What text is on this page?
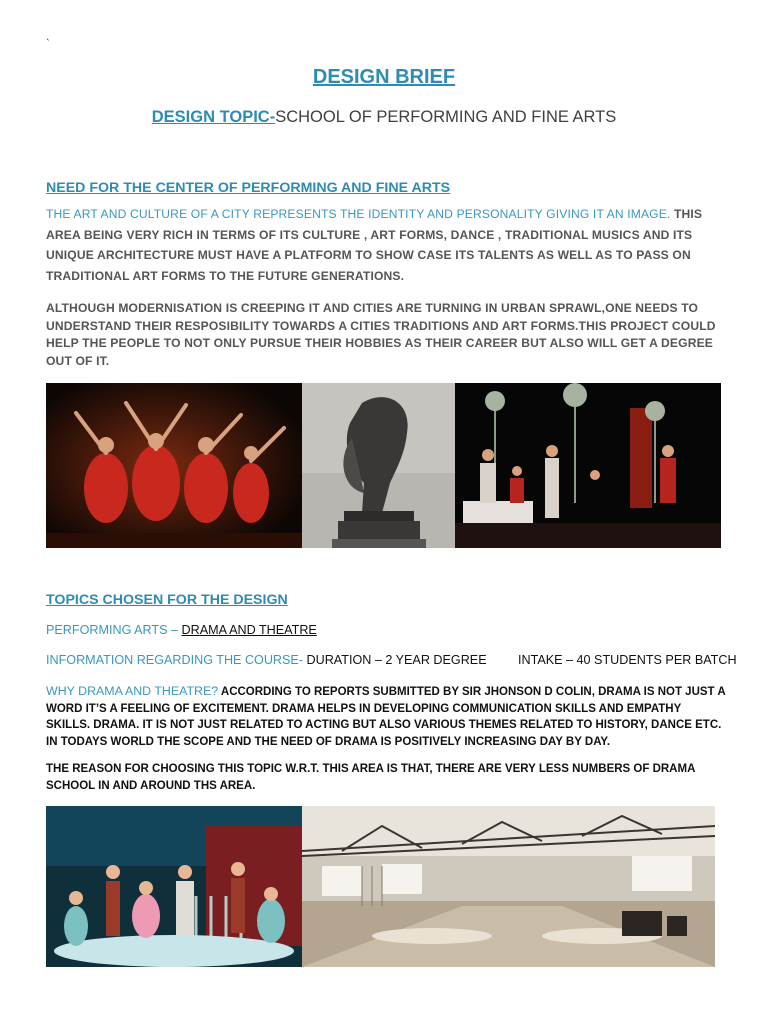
`
DESIGN BRIEF
DESIGN TOPIC-SCHOOL OF PERFORMING AND FINE ARTS
NEED FOR THE CENTER OF PERFORMING AND FINE ARTS
THE ART AND CULTURE OF A CITY REPRESENTS THE IDENTITY AND PERSONALITY GIVING IT AN IMAGE. THIS AREA BEING VERY RICH IN TERMS OF ITS CULTURE , ART FORMS, DANCE , TRADITIONAL MUSICS AND ITS UNIQUE ARCHITECTURE MUST HAVE A PLATFORM TO SHOW CASE ITS TALENTS AS WELL AS TO PASS ON TRADITIONAL ART FORMS TO THE FUTURE GENERATIONS.
ALTHOUGH MODERNISATION IS CREEPING IT AND CITIES ARE TURNING IN URBAN SPRAWL,ONE NEEDS TO UNDERSTAND THEIR RESPOSIBILITY TOWARDS A CITIES TRADITIONS AND ART FORMS.THIS PROJECT COULD HELP THE PEOPLE TO NOT ONLY PURSUE THEIR HOBBIES AS THEIR CAREER BUT ALSO WILL GET A DEGREE OUT OF IT.
TOPICS CHOSEN FOR THE DESIGN
PERFORMING ARTS – DRAMA AND THEATRE
INFORMATION REGARDING THE COURSE- DURATION – 2 YEAR DEGREE INTAKE – 40 STUDENTS PER BATCH
WHY DRAMA AND THEATRE? ACCORDING TO REPORTS SUBMITTED BY SIR JHONSON D COLIN, DRAMA IS NOT JUST A WORD IT’S A FEELING OF EXCITEMENT. DRAMA HELPS IN DEVELOPING COMMUNICATION SKILLS AND EMPATHY SKILLS. DRAMA. IT IS NOT JUST RELATED TO ACTING BUT ALSO VARIOUS THEMES RELATED TO HISTORY, DANCE ETC. IN TODAYS WORLD THE SCOPE AND THE NEED OF DRAMA IS POSITIVELY INCREASING DAY BY DAY.
THE REASON FOR CHOOSING THIS TOPIC W.R.T. THIS AREA IS THAT, THERE ARE VERY LESS NUMBERS OF DRAMA SCHOOL IN AND AROUND THS AREA.
